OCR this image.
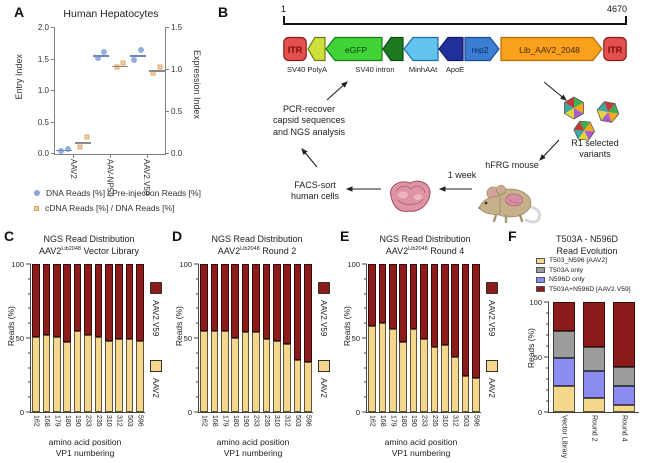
A	Human Hepatocytes
Entry Index	Expression Index
0.0
0.5
1.0
1.5
2.0
0.0
0.5
1.0
1.5
AAV2	AAV-NP59	AAV2.V59
DNA Reads [%] / Pre-injection Reads [%]
cDNA Reads [%] / DNA Reads [%]
B	1	4670
ITR	eGFP	rep2	Lib_AAV2_2048	ITR
SV40 PolyA	SV40 intron MinhAAt ApoE
PCR-recover
capsid sequences
and NGS analysis
R1 selected
variants
hFRG mouse
1 week
FACS-sort
human cells
C	NGS Read Distribution
$AAV2^{Lib2048}$ Vector Library
Reads (%)
0
50
100
162 168 179 180 190 233 235 310 312 503 596
amino acid position
VP1 numbering
AAV2.V59
AAV2
D	NGS Read Distribution
$AAV2^{Lib2048}$ Round 2
Reads (%)
0
50
100
162 168 179 180 190 233 235 310 312 503 596
amino acid position
VP1 numbering
AAV2.V59
AAV2
E	NGS Read Distribution
$AAV2^{Lib2048}$ Round 4
Reads (%)
0
50
100
162 168 179 180 190 233 235 310 312 503 596
amino acid position
VP1 numbering
AAV2.V59
AAV2
F	T503A - N596D
Read Evolution
T503_N596 [AAV2]
T503A only
N596D only
T503A+N596D [AAV2.V59]
Reads (%)
0
50
100
Vector Library	Round 2	Round 4
